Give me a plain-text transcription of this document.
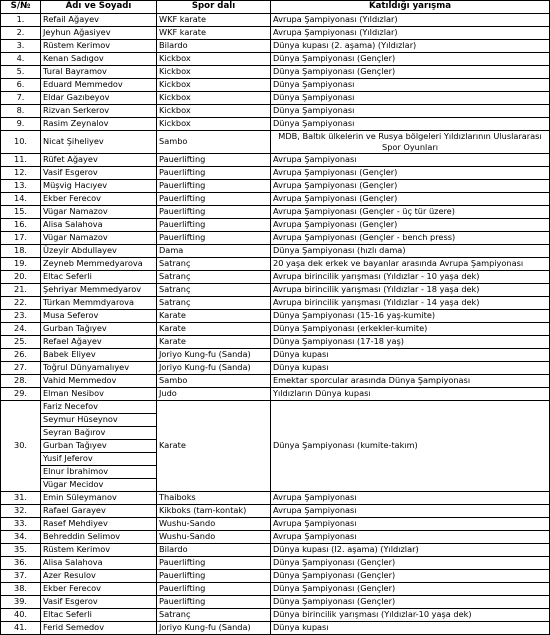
S/№	Adı ve Soyadı	Spor dalı	Katıldığı yarışma
1.	Refail Ağayev	WKF karate	Avrupa Şampiyonası (Yıldızlar)
2.	Jeyhun Ağasiyev	WKF karate	Avrupa Şampiyonası (Yıldızlar)
3.	Rüstem Kerimov	Bilardo	Dünya kupası (2. aşama) (Yıldızlar)
4.	Kenan Sadıgov	Kickbox	Dünya Şampiyonası (Gençler)
5.	Tural Bayramov	Kickbox	Dünya Şampiyonası (Gençler)
6.	Eduard Memmedov	Kickbox	Dünya Şampiyonası
7.	Eldar Gazıbeyov	Kickbox	Dünya Şampiyonası
8.	Rizvan Serkerov	Kickbox	Dünya Şampiyonası
9.	Rasim Zeynalov	Kickbox	Dünya Şampiyonası
10.	Nicat Şiheliyev	Sambo	MDB, Baltık ülkelerin ve Rusya bölgeleri Yıldızlarının Uluslararası Spor Oyunları
11.	Rüfet Ağayev	Pauerlifting	Avrupa Şampiyonası
12.	Vasif Esgerov	Pauerlifting	Avrupa Şampiyonası (Gençler)
13.	Müşvig Hacıyev	Pauerlifting	Avrupa Şampiyonası (Gençler)
14.	Ekber Ferecov	Pauerlifting	Avrupa Şampiyonası (Gençler)
15.	Vügar Namazov	Pauerlifting	Avrupa Şampiyonası (Gençler - üç tür üzere)
16.	Alisa Salahova	Pauerlifting	Avrupa Şampiyonası (Gençler)
17.	Vügar Namazov	Pauerlifting	Avrupa Şampiyonası (Gençler - bench press)
18.	Üzeyir Abdullayev	Dama	Dünya Şampiyonası (hızlı dama)
19.	Zeyneb Memmedyarova	Satranç	20 yaşa dek erkek ve bayanlar arasında Avrupa Şampiyonası
20.	Eltac Seferli	Satranç	Avrupa birincilik yarışması (Yıldızlar - 10 yaşa dek)
21.	Şehriyar Memmedyarov	Satranç	Avrupa birincilik yarışması (Yıldızlar - 18 yaşa dek)
22.	Türkan Memmdyarova	Satranç	Avrupa birincilik yarışması (Yıldızlar - 14 yaşa dek)
23.	Musa Seferov	Karate	Dünya Şampiyonası (15-16 yaş-kumite)
24.	Gurban Tağıyev	Karate	Dünya Şampiyonası (erkekler-kumite)
25.	Refael Ağayev	Karate	Dünya Şampiyonası (17-18 yaş)
26.	Babek Eliyev	Joriyo Kung-fu (Sanda)	Dünya kupası
27.	Toğrul Dünyamalıyev	Joriyo Kung-fu (Sanda)	Dünya kupası
28.	Vahid Memmedov	Sambo	Emektar sporcular arasında Dünya Şampiyonası
29.	Elman Nesibov	Judo	Yıldızların Dünya kupası
30.	Fariz Necefov	Karate	Dünya Şampiyonası (kumite-takım)
	Seymur Hüseynov		
	Seyran Bağırov		
	Gurban Tağıyev		
	Yusif Jeferov		
	Elnur İbrahimov		
	Vügar Mecidov		
31.	Emin Süleymanov	Thaiboks	Avrupa Şampiyonası
32.	Rafael Garayev	Kikboks (tam-kontak)	Avrupa Şampiyonası
33.	Rasef Mehdiyev	Wushu-Sando	Avrupa Şampiyonası
34.	Behreddin Selimov	Wushu-Sando	Avrupa Şampiyonası
35.	Rüstem Kerimov	Bilardo	Dünya kupası (I2. aşama) (Yıldızlar)
36.	Alisa Salahova	Pauerlifting	Dünya Şampiyonası (Gençler)
37.	Azer Resulov	Pauerlifting	Dünya Şampiyonası (Gençler)
38.	Ekber Ferecov	Pauerlifting	Dünya Şampiyonası (Gençler)
39.	Vasif Esgerov	Pauerlifting	Dünya Şampiyonası (Gençler)
40.	Eltac Seferli	Satranç	Dünya birincilik yarışması (Yıldızlar-10 yaşa dek)
41.	Ferid Semedov	Joriyo Kung-fu (Sanda)	Dünya kupası
